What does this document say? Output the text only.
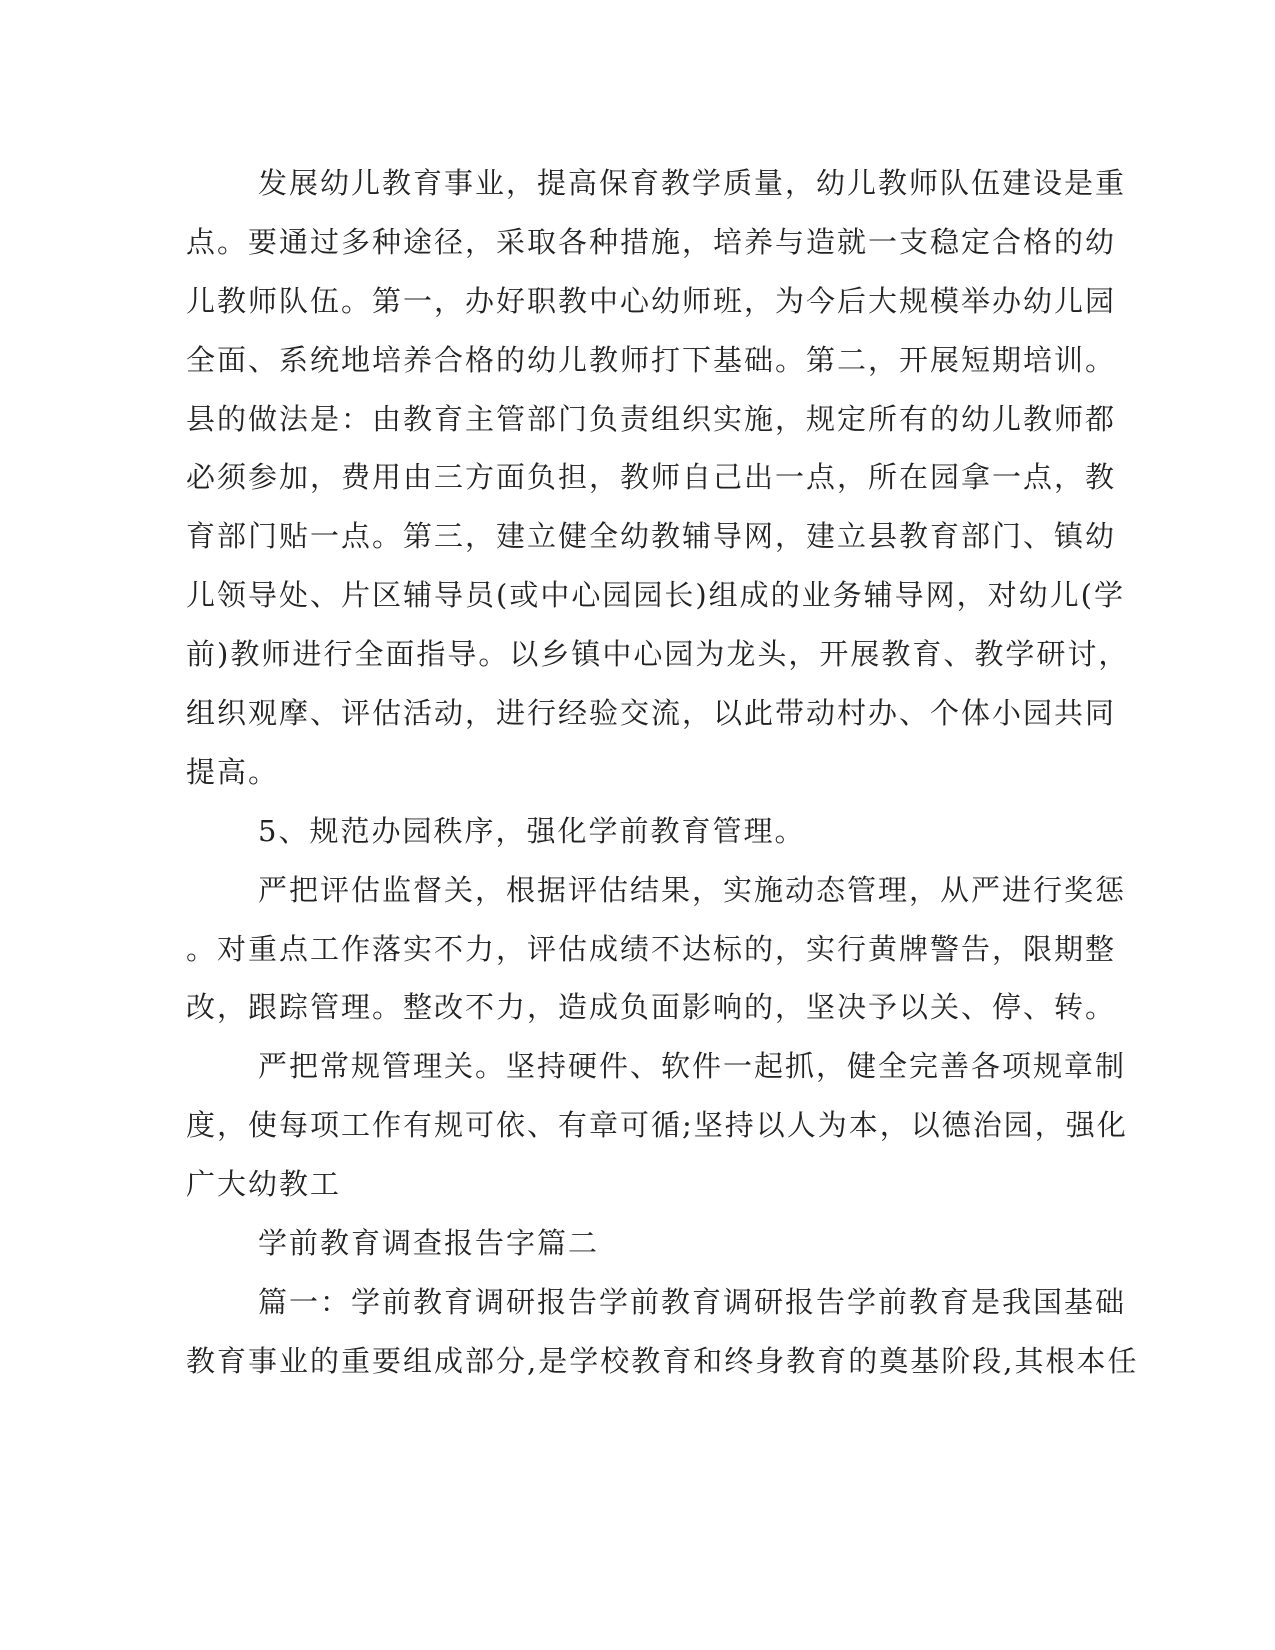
发展幼儿教育事业，提高保育教学质量，幼儿教师队伍建设是重
点。要通过多种途径，采取各种措施，培养与造就一支稳定合格的幼
儿教师队伍。第一，办好职教中心幼师班，为今后大规模举办幼儿园
全面、系统地培养合格的幼儿教师打下基础。第二，开展短期培训。
县的做法是：由教育主管部门负责组织实施，规定所有的幼儿教师都
必须参加，费用由三方面负担，教师自己出一点，所在园拿一点，教
育部门贴一点。第三，建立健全幼教辅导网，建立县教育部门、镇幼
儿领导处、片区辅导员(或中心园园长)组成的业务辅导网，对幼儿(学
前)教师进行全面指导。以乡镇中心园为龙头，开展教育、教学研讨，
组织观摩、评估活动，进行经验交流，以此带动村办、个体小园共同
提高。
5、规范办园秩序，强化学前教育管理。
严把评估监督关，根据评估结果，实施动态管理，从严进行奖惩
。对重点工作落实不力，评估成绩不达标的，实行黄牌警告，限期整
改，跟踪管理。整改不力，造成负面影响的，坚决予以关、停、转。
严把常规管理关。坚持硬件、软件一起抓，健全完善各项规章制
度，使每项工作有规可依、有章可循;坚持以人为本，以德治园，强化
广大幼教工
学前教育调查报告字篇二
篇一：学前教育调研报告学前教育调研报告学前教育是我国基础
教育事业的重要组成部分,是学校教育和终身教育的奠基阶段,其根本任
